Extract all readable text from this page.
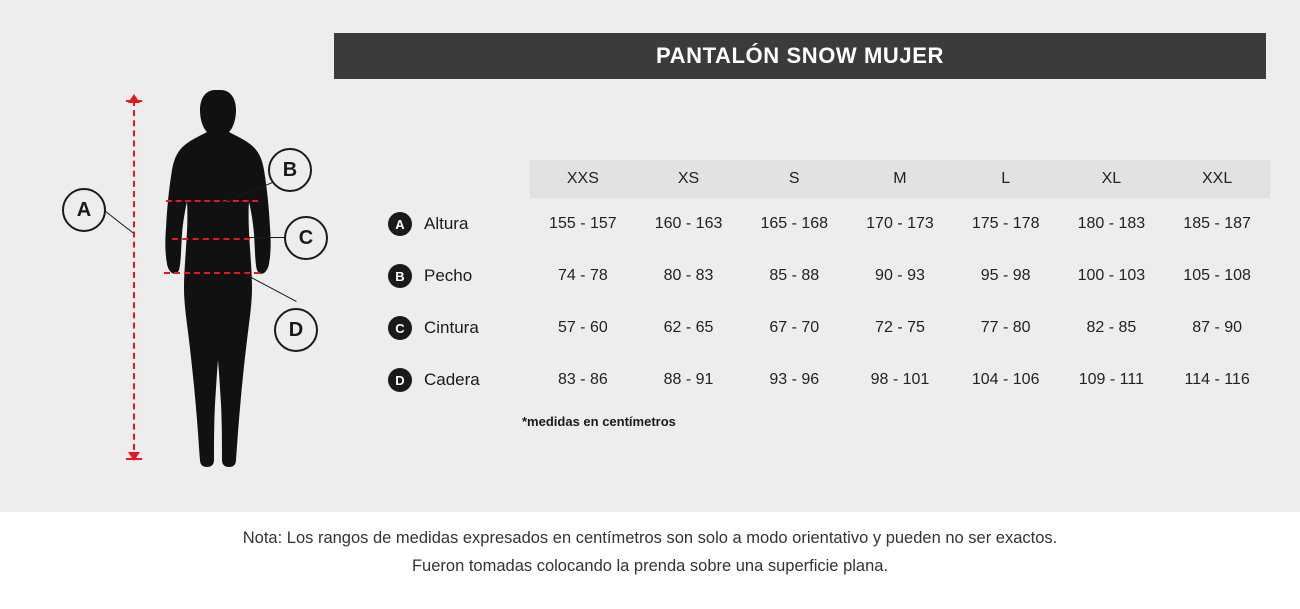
PANTALÓN SNOW MUJER
A
B
C
D
	XXS	XS	S	M	L	XL	XXL

A Altura	155 - 157	160 - 163	165 - 168	170 - 173	175 - 178	180 - 183	185 - 187

B Pecho	74 - 78	80 - 83	85 - 88	90 - 93	95 - 98	100 - 103	105 - 108

C Cintura	57 - 60	62 - 65	67 - 70	72 - 75	77 - 80	82 - 85	87 - 90

D Cadera	83 - 86	88 - 91	93 - 96	98 - 101	104 - 106	109 - 111	114 - 116
*medidas en centímetros
Nota: Los rangos de medidas expresados en centímetros son solo a modo orientativo y pueden no ser exactos.
Fueron tomadas colocando la prenda sobre una superficie plana.
